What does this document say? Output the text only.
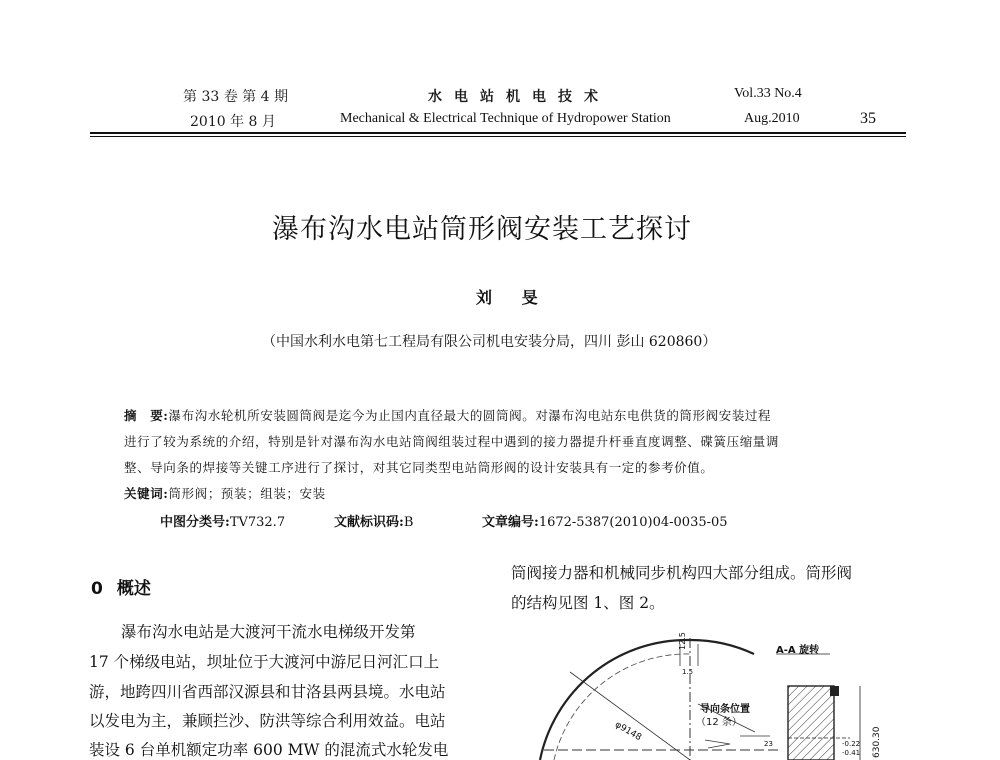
第 33 卷 第 4 期
2010 年 8 月
水电站机电技术
Mechanical & Electrical Technique of Hydropower Station
Vol.33 No.4
Aug.2010	35
瀑布沟水电站筒形阀安装工艺探讨
刘 旻
（中国水利水电第七工程局有限公司机电安装分局，四川 彭山 620860）
摘　要:瀑布沟水轮机所安装圆筒阀是迄今为止国内直径最大的圆筒阀。对瀑布沟电站东电供货的筒形阀安装过程
进行了较为系统的介绍，特别是针对瀑布沟水电站筒阀组装过程中遇到的接力器提升杆垂直度调整、碟簧压缩量调
整、导向条的焊接等关键工序进行了探讨，对其它同类型电站筒形阀的设计安装具有一定的参考价值。
关键词:筒形阀；预装；组装；安装
中图分类号:TV732.7	文献标识码:B	文章编号:1672-5387(2010)04-0035-05
0 概述
瀑布沟水电站是大渡河干流水电梯级开发第
17 个梯级电站，坝址位于大渡河中游尼日河汇口上
游，地跨四川省西部汉源县和甘洛县两县境。水电站
以发电为主，兼顾拦沙、防洪等综合利用效益。电站
装设 6 台单机额定功率 600 MW 的混流式水轮发电
筒阀接力器和机械同步机构四大部分组成。筒形阀
的结构见图 1、图 2。
A-A 旋转
导向条位置
（12 条）
φ9148
12.5
630.30
-0.22
-0.41
23
1.5
